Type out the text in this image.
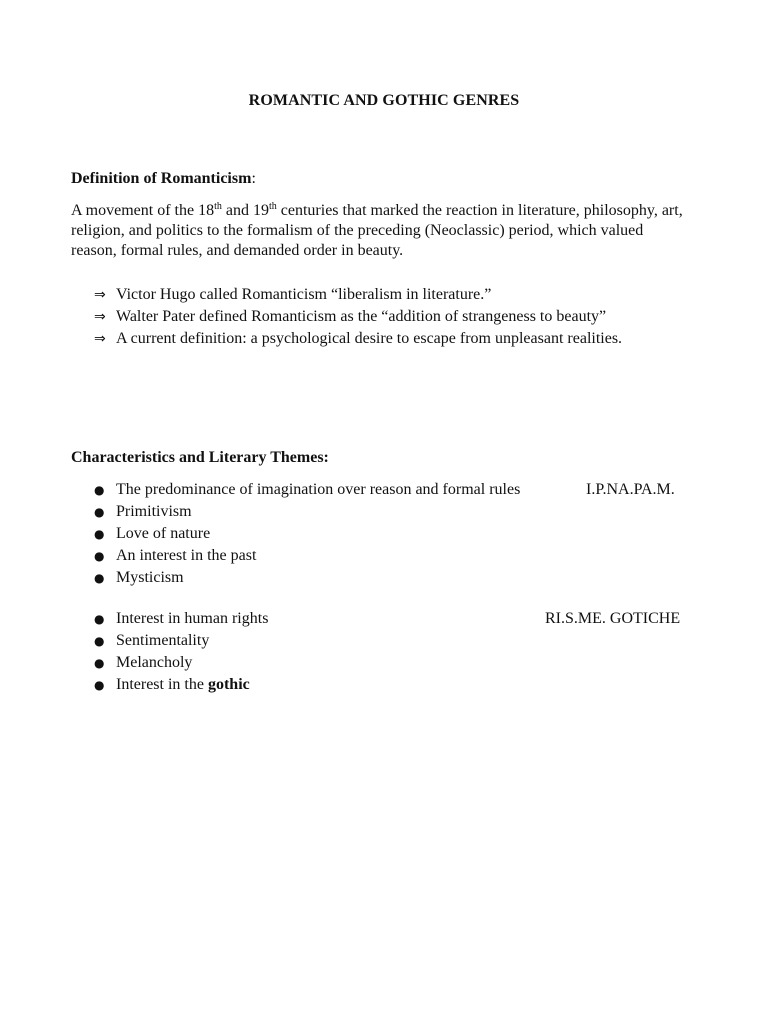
ROMANTIC AND GOTHIC GENRES
Definition of Romanticism:
A movement of the 18th and 19th centuries that marked the reaction in literature, philosophy, art, religion, and politics to the formalism of the preceding (Neoclassic) period, which valued reason, formal rules, and demanded order in beauty.
⇒ Victor Hugo called Romanticism “liberalism in literature.”
⇒ Walter Pater defined Romanticism as the “addition of strangeness to beauty”
⇒ A current definition: a psychological desire to escape from unpleasant realities.
Characteristics and Literary Themes:
● The predominance of imagination over reason and formal rules	I.P.NA.PA.M.
● Primitivism
● Love of nature
● An interest in the past
● Mysticism
● Interest in human rights	RI.S.ME. GOTICHE
● Sentimentality
● Melancholy
● Interest in the gothic
